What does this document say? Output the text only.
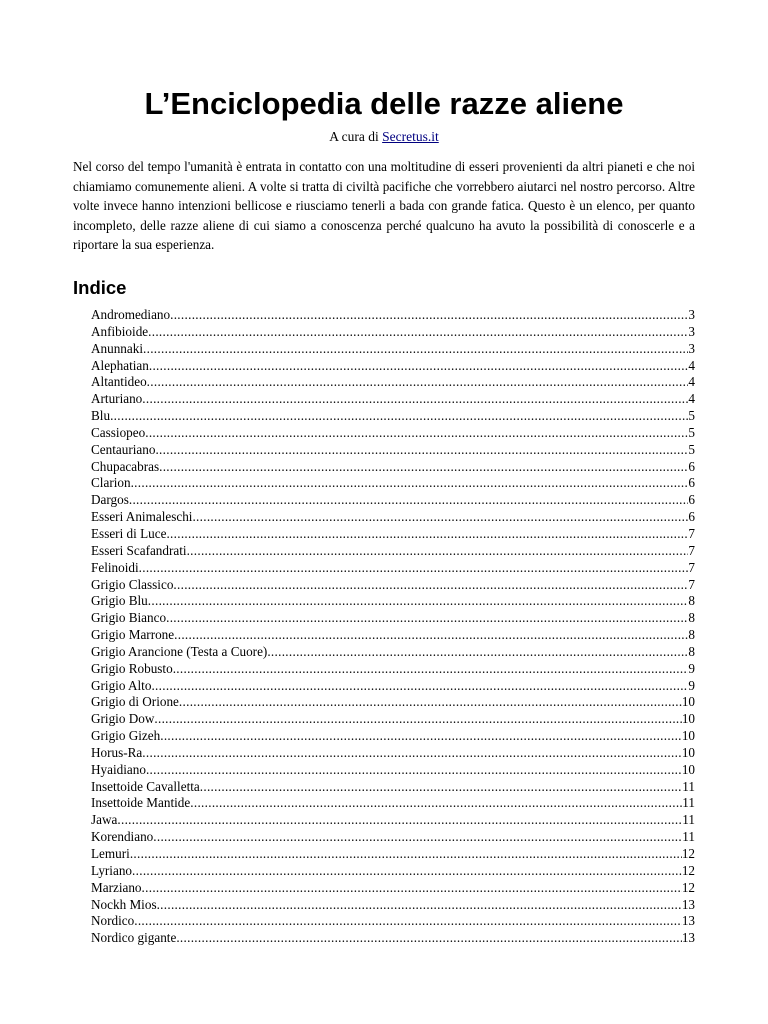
L’Enciclopedia delle razze aliene
A cura di Secretus.it

Nel corso del tempo l'umanità è entrata in contatto con una moltitudine di esseri provenienti da altri pianeti e che noi chiamiamo comunemente alieni. A volte si tratta di civiltà pacifiche che vorrebbero aiutarci nel nostro percorso. Altre volte invece hanno intenzioni bellicose e riusciamo tenerli a bada con grande fatica. Questo è un elenco, per quanto incompleto, delle razze aliene di cui siamo a conoscenza perché qualcuno ha avuto la possibilità di conoscerle e a riportare la sua esperienza.

Indice
Andromediano .....	3
Anfibioide .....	3
Anunnaki .....	3
Alephatian .....	4
Altantideo .....	4
Arturiano .....	4
Blu .....	5
Cassiopeo .....	5
Centauriano .....	5
Chupacabras .....	6
Clarion .....	6
Dargos .....	6
Esseri Animaleschi .....	6
Esseri di Luce .....	7
Esseri Scafandrati .....	7
Felinoidi .....	7
Grigio Classico .....	7
Grigio Blu .....	8
Grigio Bianco .....	8
Grigio Marrone .....	8
Grigio Arancione (Testa a Cuore) .....	8
Grigio Robusto .....	9
Grigio Alto .....	9
Grigio di Orione .....	10
Grigio Dow .....	10
Grigio Gizeh .....	10
Horus-Ra .....	10
Hyaidiano .....	10
Insettoide Cavalletta .....	11
Insettoide Mantide .....	11
Jawa .....	11
Korendiano .....	11
Lemuri .....	12
Lyriano .....	12
Marziano .....	12
Nockh Mios .....	13
Nordico .....	13
Nordico gigante .....	13
